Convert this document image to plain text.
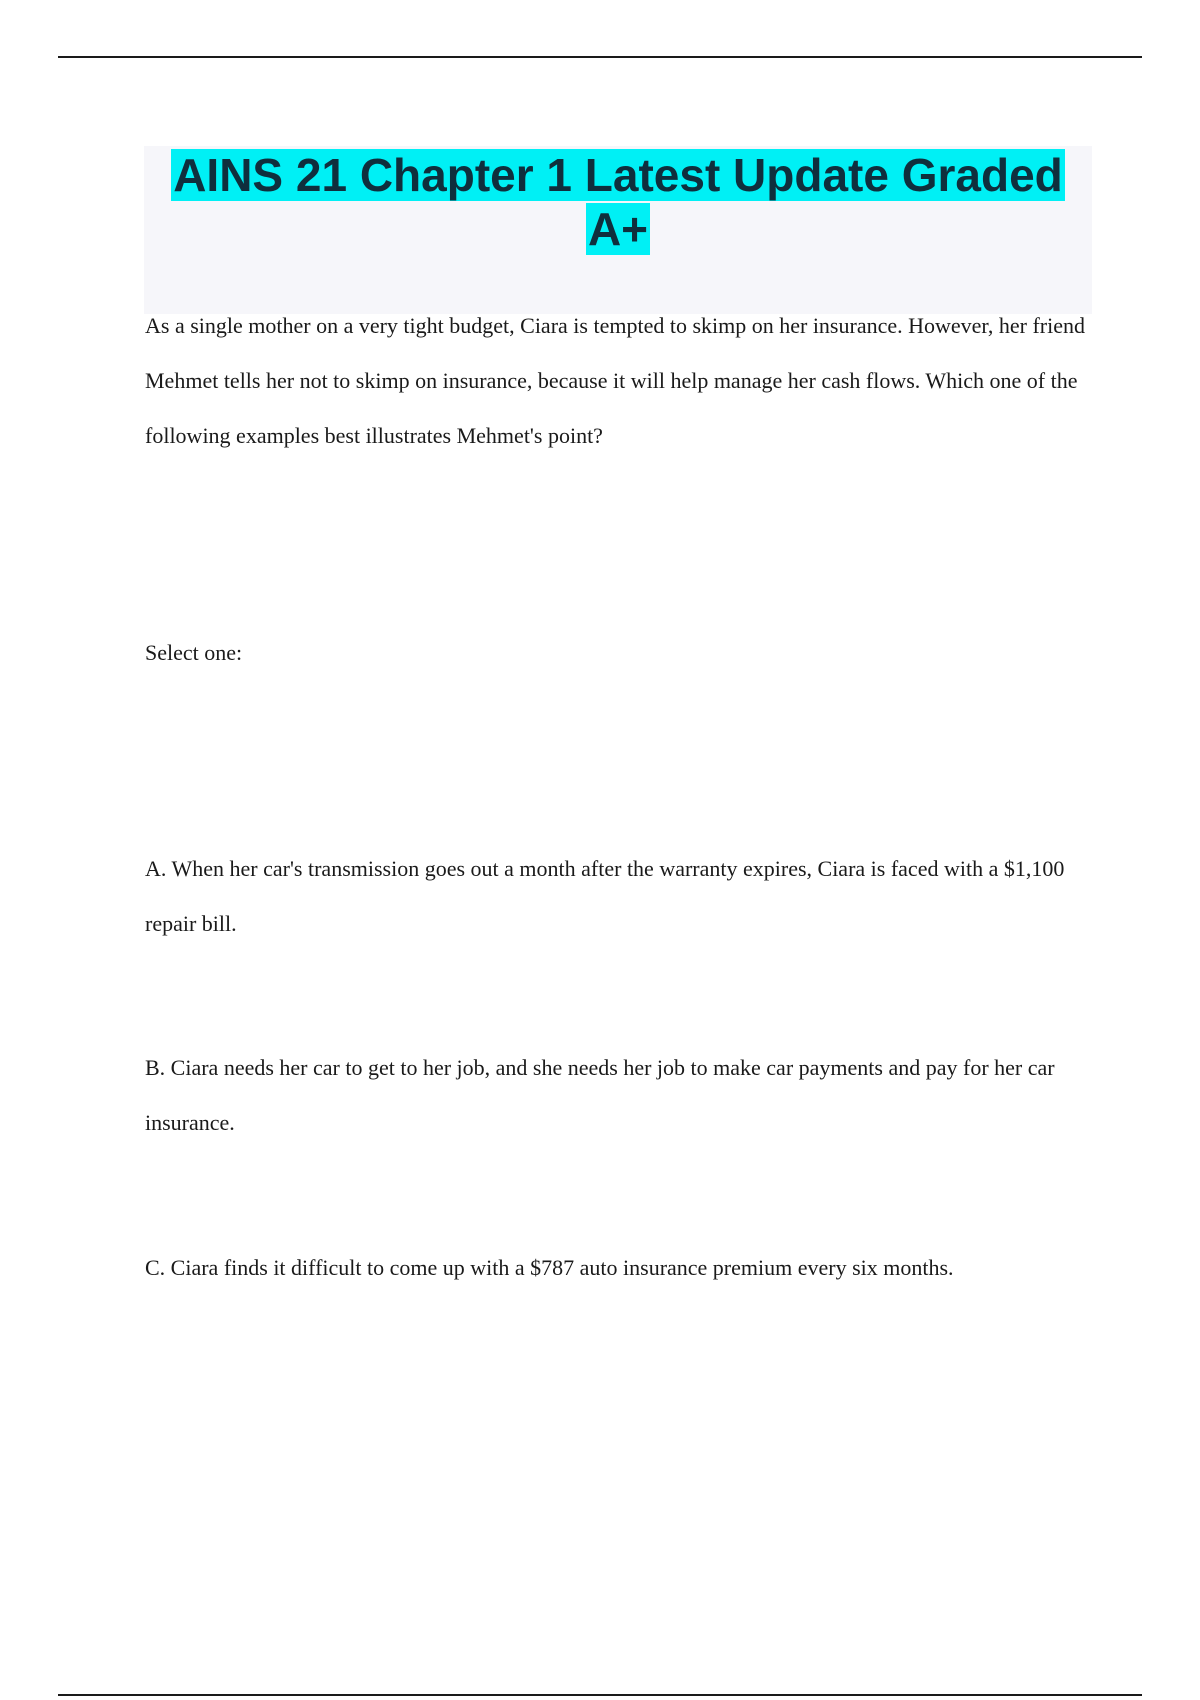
AINS 21 Chapter 1 Latest Update Graded A+

As a single mother on a very tight budget, Ciara is tempted to skimp on her insurance. However, her friend Mehmet tells her not to skimp on insurance, because it will help manage her cash flows. Which one of the following examples best illustrates Mehmet's point?

Select one:

A. When her car's transmission goes out a month after the warranty expires, Ciara is faced with a $1,100 repair bill.

B. Ciara needs her car to get to her job, and she needs her job to make car payments and pay for her car insurance.

C. Ciara finds it difficult to come up with a $787 auto insurance premium every six months.
